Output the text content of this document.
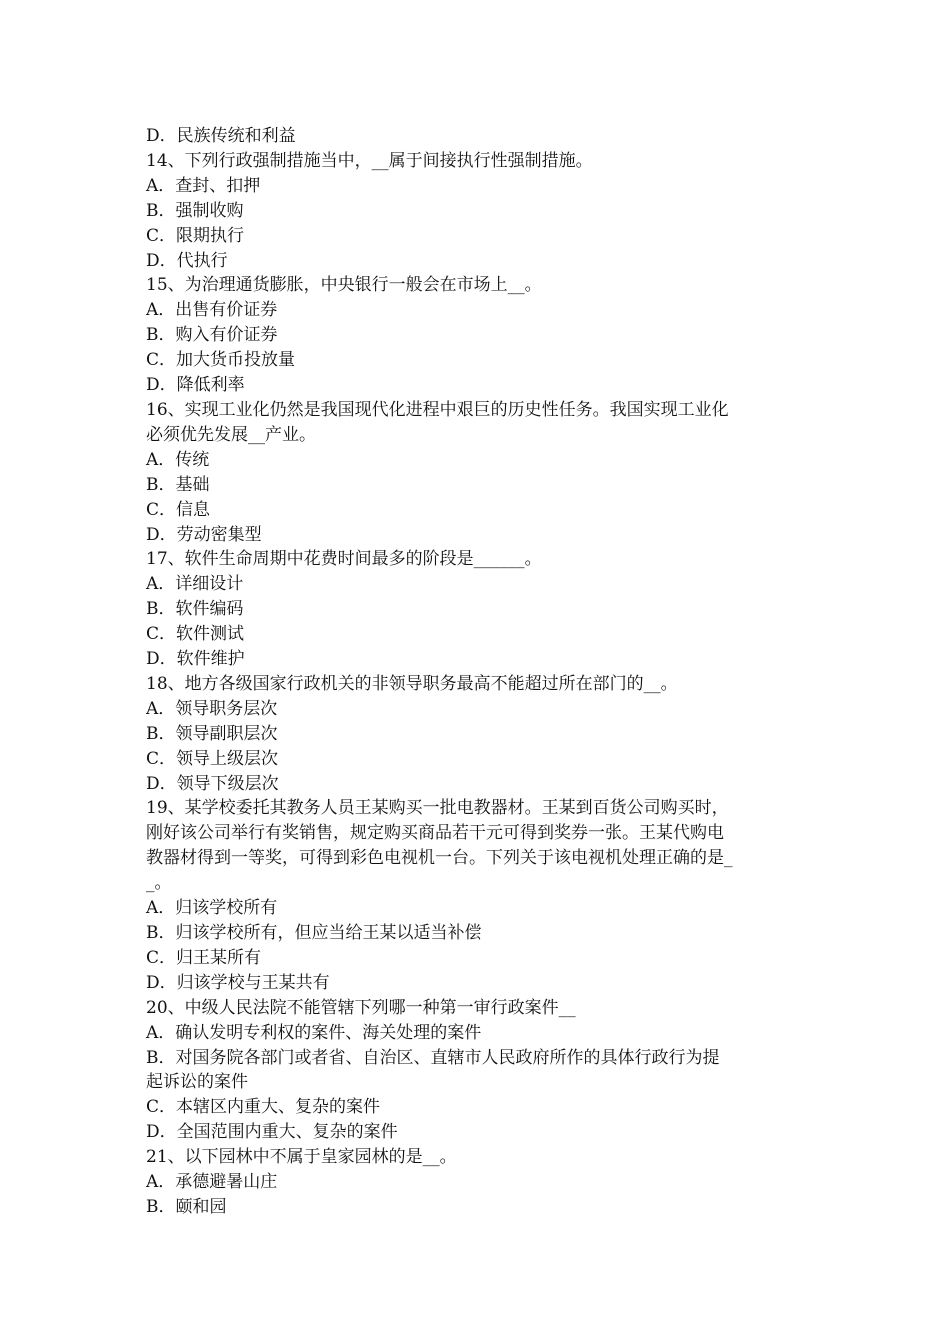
D．民族传统和利益
14、下列行政强制措施当中，__属于间接执行性强制措施。
A．查封、扣押
B．强制收购
C．限期执行
D．代执行
15、为治理通货膨胀，中央银行一般会在市场上__。
A．出售有价证券
B．购入有价证券
C．加大货币投放量
D．降低利率
16、实现工业化仍然是我国现代化进程中艰巨的历史性任务。我国实现工业化
必须优先发展__产业。
A．传统
B．基础
C．信息
D．劳动密集型
17、软件生命周期中花费时间最多的阶段是______。
A．详细设计
B．软件编码
C．软件测试
D．软件维护
18、地方各级国家行政机关的非领导职务最高不能超过所在部门的__。
A．领导职务层次
B．领导副职层次
C．领导上级层次
D．领导下级层次
19、某学校委托其教务人员王某购买一批电教器材。王某到百货公司购买时，
刚好该公司举行有奖销售，规定购买商品若干元可得到奖券一张。王某代购电
教器材得到一等奖，可得到彩色电视机一台。下列关于该电视机处理正确的是_
_。
A．归该学校所有
B．归该学校所有，但应当给王某以适当补偿
C．归王某所有
D．归该学校与王某共有
20、中级人民法院不能管辖下列哪一种第一审行政案件__
A．确认发明专利权的案件、海关处理的案件
B．对国务院各部门或者省、自治区、直辖市人民政府所作的具体行政行为提
起诉讼的案件
C．本辖区内重大、复杂的案件
D．全国范围内重大、复杂的案件
21、以下园林中不属于皇家园林的是__。
A．承德避暑山庄
B．颐和园
